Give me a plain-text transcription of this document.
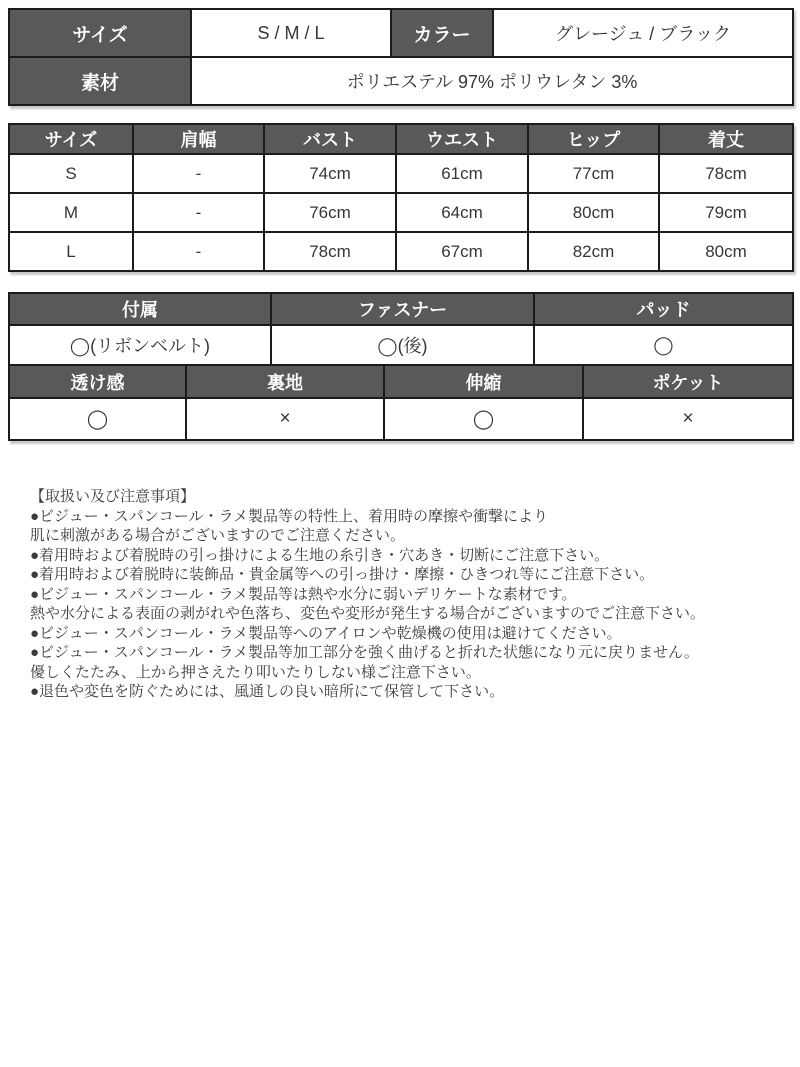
サイズ	S / M / L	カラー	グレージュ / ブラック
素材	ポリエステル 97% ポリウレタン 3%		
サイズ	肩幅	バスト	ウエスト	ヒップ	着丈
S	-	74cm	61cm	77cm	78cm
M	-	76cm	64cm	80cm	79cm
L	-	78cm	67cm	82cm	80cm
付属	ファスナー	パッド
◯(リボンベルト)	◯(後)	◯
透け感	裏地	伸縮	ポケット
◯	×	◯	×
【取扱い及び注意事項】
●ビジュー・スパンコール・ラメ製品等の特性上、着用時の摩擦や衝撃により
肌に刺激がある場合がございますのでご注意ください。
●着用時および着脱時の引っ掛けによる生地の糸引き・穴あき・切断にご注意下さい。
●着用時および着脱時に装飾品・貴金属等への引っ掛け・摩擦・ひきつれ等にご注意下さい。
●ビジュー・スパンコール・ラメ製品等は熱や水分に弱いデリケートな素材です。
熱や水分による表面の剥がれや色落ち、変色や変形が発生する場合がございますのでご注意下さい。
●ビジュー・スパンコール・ラメ製品等へのアイロンや乾燥機の使用は避けてください。
●ビジュー・スパンコール・ラメ製品等加工部分を強く曲げると折れた状態になり元に戻りません。
優しくたたみ、上から押さえたり叩いたりしない様ご注意下さい。
●退色や変色を防ぐためには、風通しの良い暗所にて保管して下さい。
